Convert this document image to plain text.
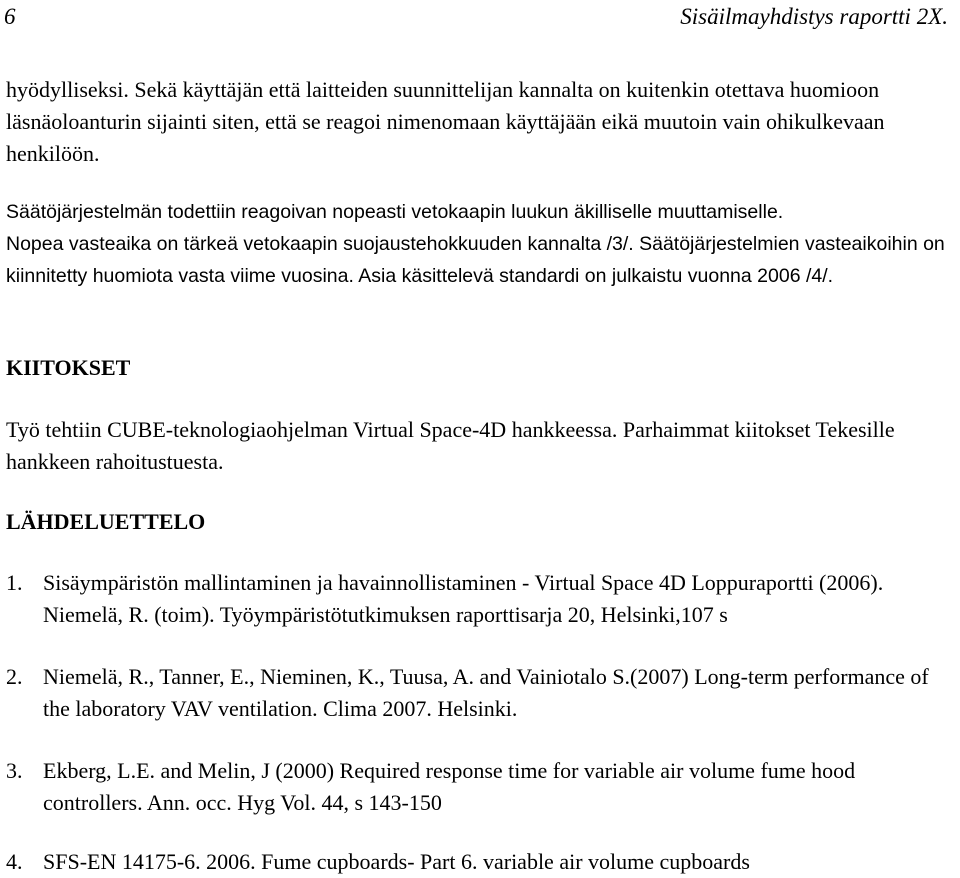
6	Sisäilmayhdistys raportti 2X.
hyödylliseksi. Sekä käyttäjän että laitteiden suunnittelijan kannalta on kuitenkin otettava huomioon läsnäoloanturin sijainti siten, että se reagoi nimenomaan käyttäjään eikä muutoin vain ohikulkevaan henkilöön.
Säätöjärjestelmän todettiin reagoivan nopeasti vetokaapin luukun äkilliselle muuttamiselle.
Nopea vasteaika on tärkeä vetokaapin suojaustehokkuuden kannalta /3/. Säätöjärjestelmien vasteaikoihin on kiinnitetty huomiota vasta viime vuosina. Asia käsittelevä standardi on julkaistu vuonna 2006 /4/.
KIITOKSET
Työ tehtiin CUBE-teknologiaohjelman Virtual Space-4D hankkeessa. Parhaimmat kiitokset Tekesille hankkeen rahoitustuesta.
LÄHDELUETTELO
1. Sisäympäristön mallintaminen ja havainnollistaminen - Virtual Space 4D Loppuraportti (2006). Niemelä, R. (toim). Työympäristötutkimuksen raporttisarja 20, Helsinki,107 s
2. Niemelä, R., Tanner, E., Nieminen, K., Tuusa, A. and Vainiotalo S.(2007) Long-term performance of the laboratory VAV ventilation. Clima 2007. Helsinki.
3. Ekberg, L.E. and Melin, J (2000) Required response time for variable air volume fume hood controllers. Ann. occ. Hyg Vol. 44, s 143-150
4. SFS-EN 14175-6. 2006. Fume cupboards- Part 6. variable air volume cupboards
